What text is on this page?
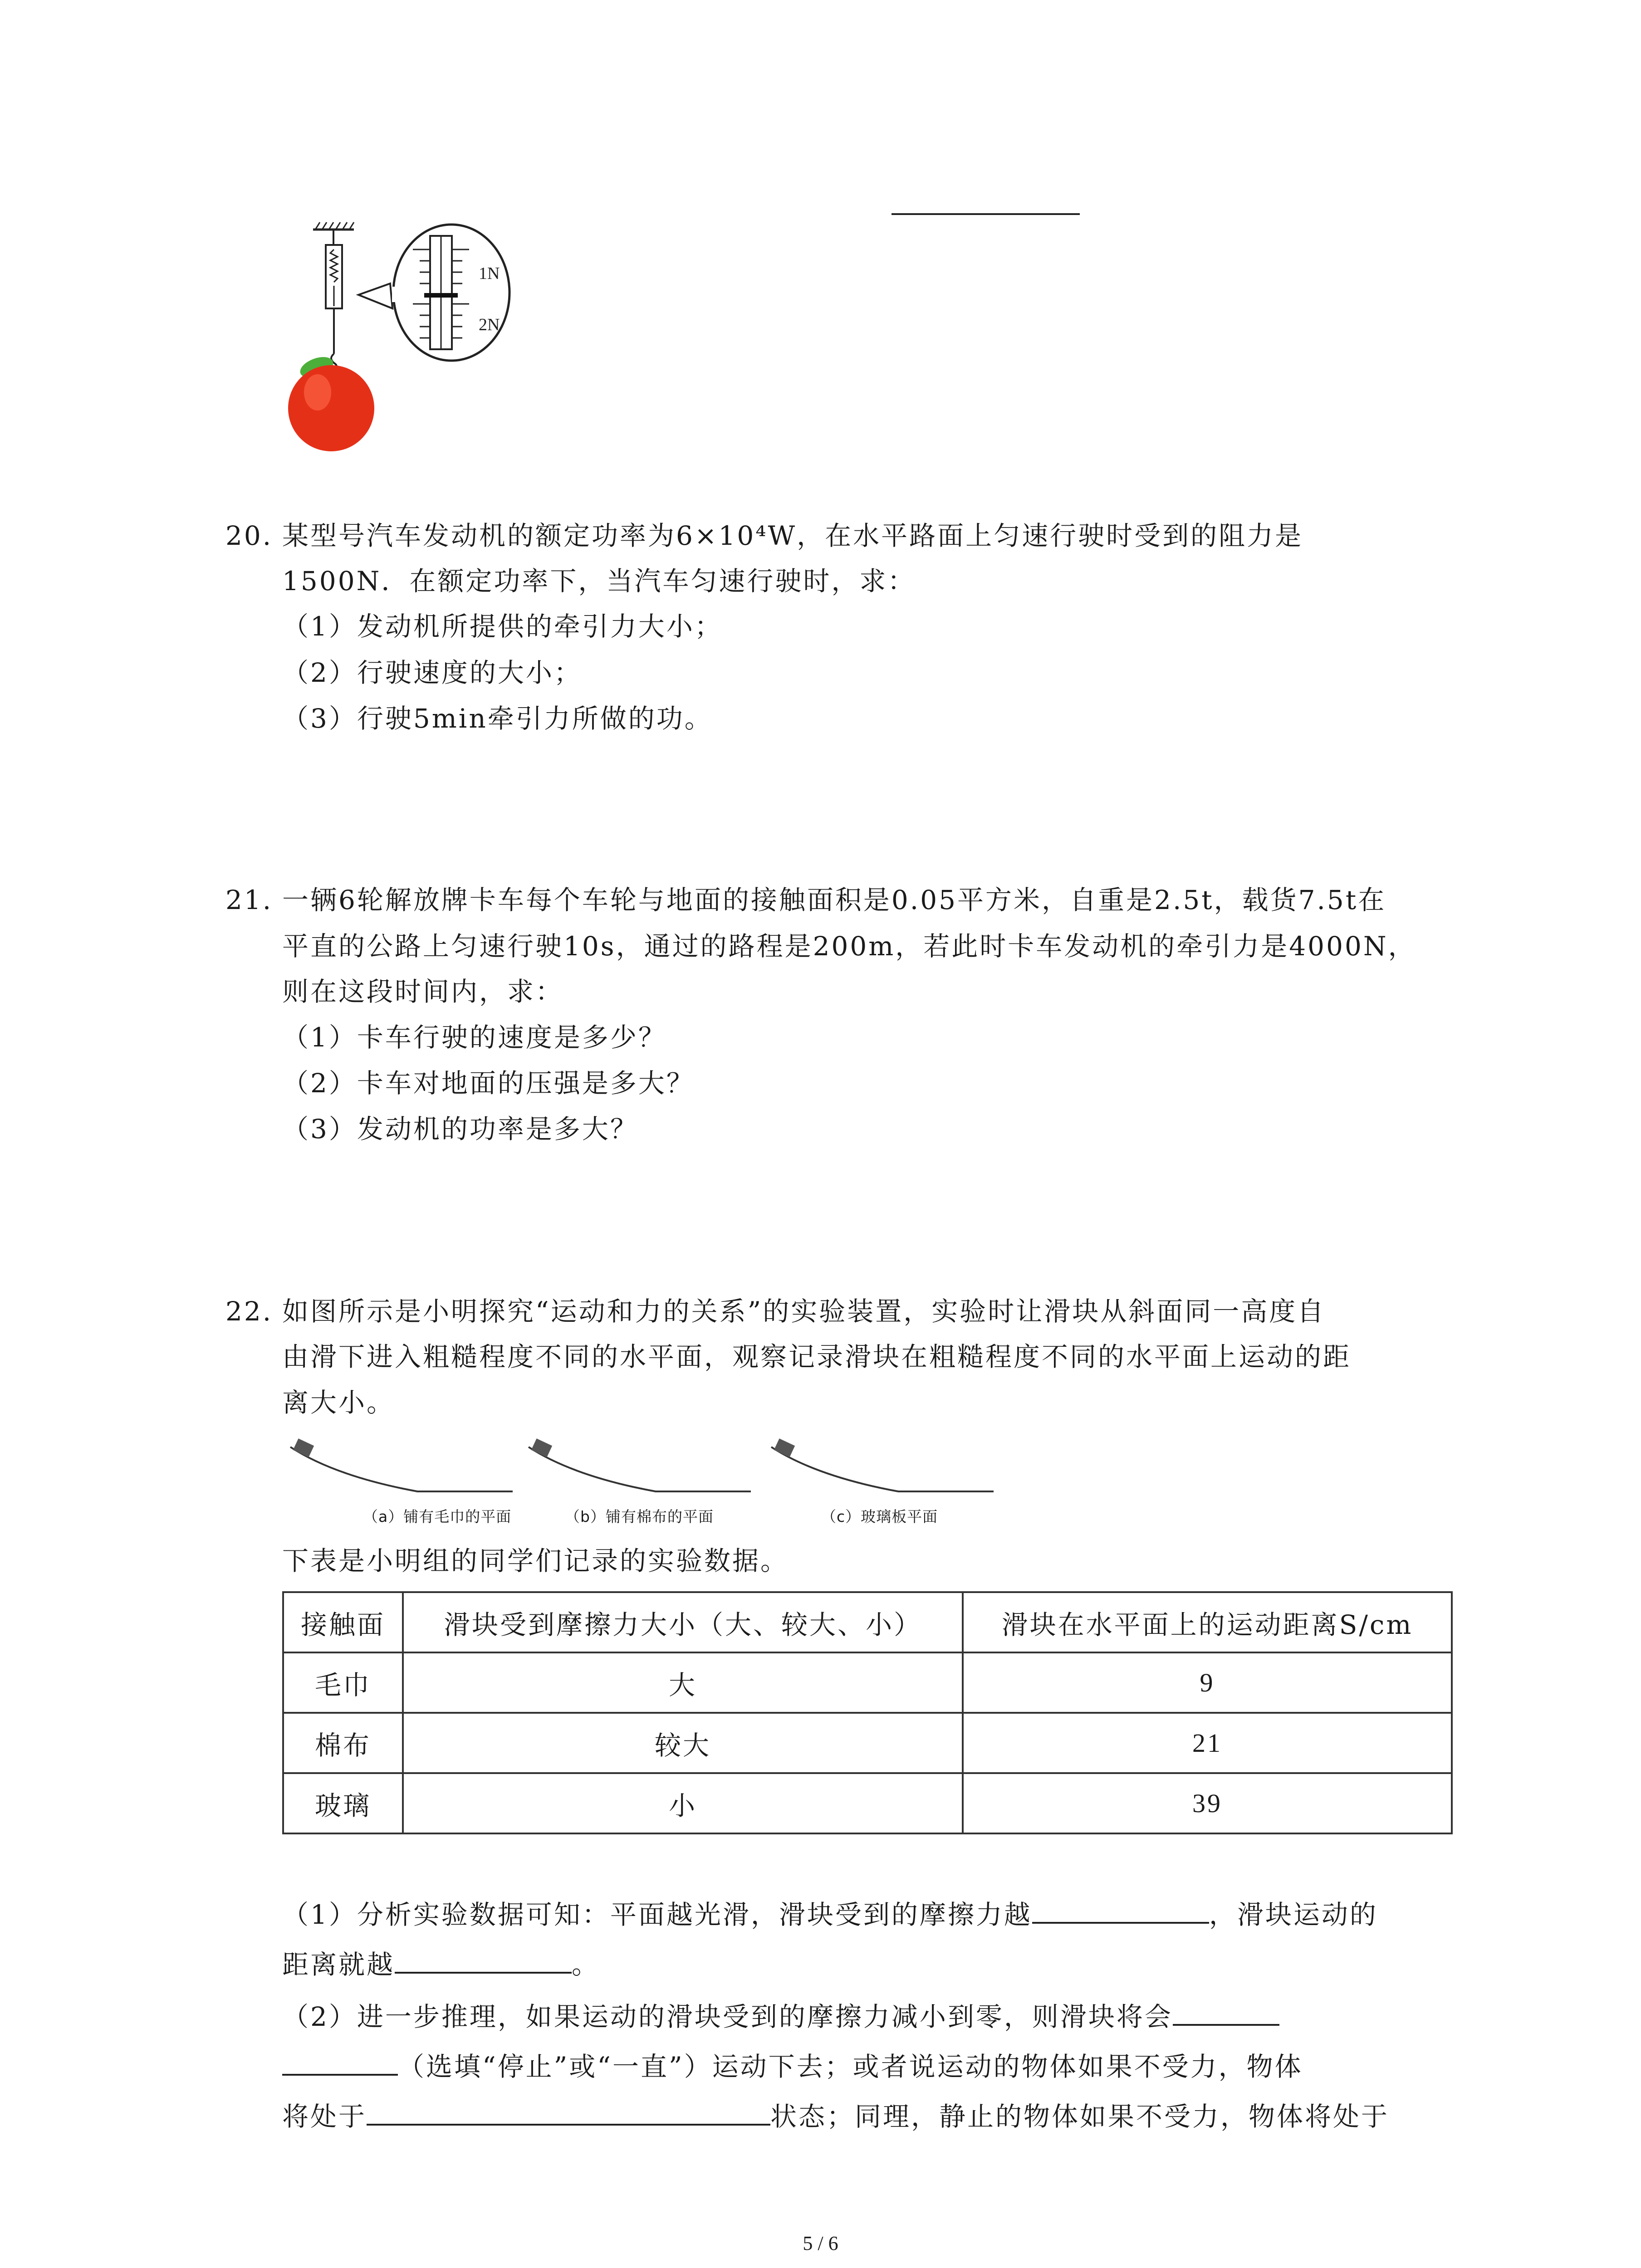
1N
2N
20. 某型号汽车发动机的额定功率为6×10⁴W，在水平路面上匀速行驶时受到的阻力是
1500N．在额定功率下，当汽车匀速行驶时，求：
（1）发动机所提供的牵引力大小；
（2）行驶速度的大小；
（3）行驶5min牵引力所做的功。
21. 一辆6轮解放牌卡车每个车轮与地面的接触面积是0.05平方米，自重是2.5t，载货7.5t在
平直的公路上匀速行驶10s，通过的路程是200m，若此时卡车发动机的牵引力是4000N，
则在这段时间内，求：
（1）卡车行驶的速度是多少？
（2）卡车对地面的压强是多大？
（3）发动机的功率是多大？
22. 如图所示是小明探究“运动和力的关系”的实验装置，实验时让滑块从斜面同一高度自
由滑下进入粗糙程度不同的水平面，观察记录滑块在粗糙程度不同的水平面上运动的距
离大小。
（a）铺有毛巾的平面	（b）铺有棉布的平面	（c）玻璃板平面
下表是小明组的同学们记录的实验数据。
接触面	滑块受到摩擦力大小（大、较大、小）	滑块在水平面上的运动距离S/cm
毛巾	大	9
棉布	较大	21
玻璃	小	39
（1）分析实验数据可知：平面越光滑，滑块受到的摩擦力越	，滑块运动的
距离就越	。
（2）进一步推理，如果运动的滑块受到的摩擦力减小到零，则滑块将会
（选填“停止”或“一直”）运动下去；或者说运动的物体如果不受力，物体
将处于	状态；同理，静止的物体如果不受力，物体将处于
5 / 6
